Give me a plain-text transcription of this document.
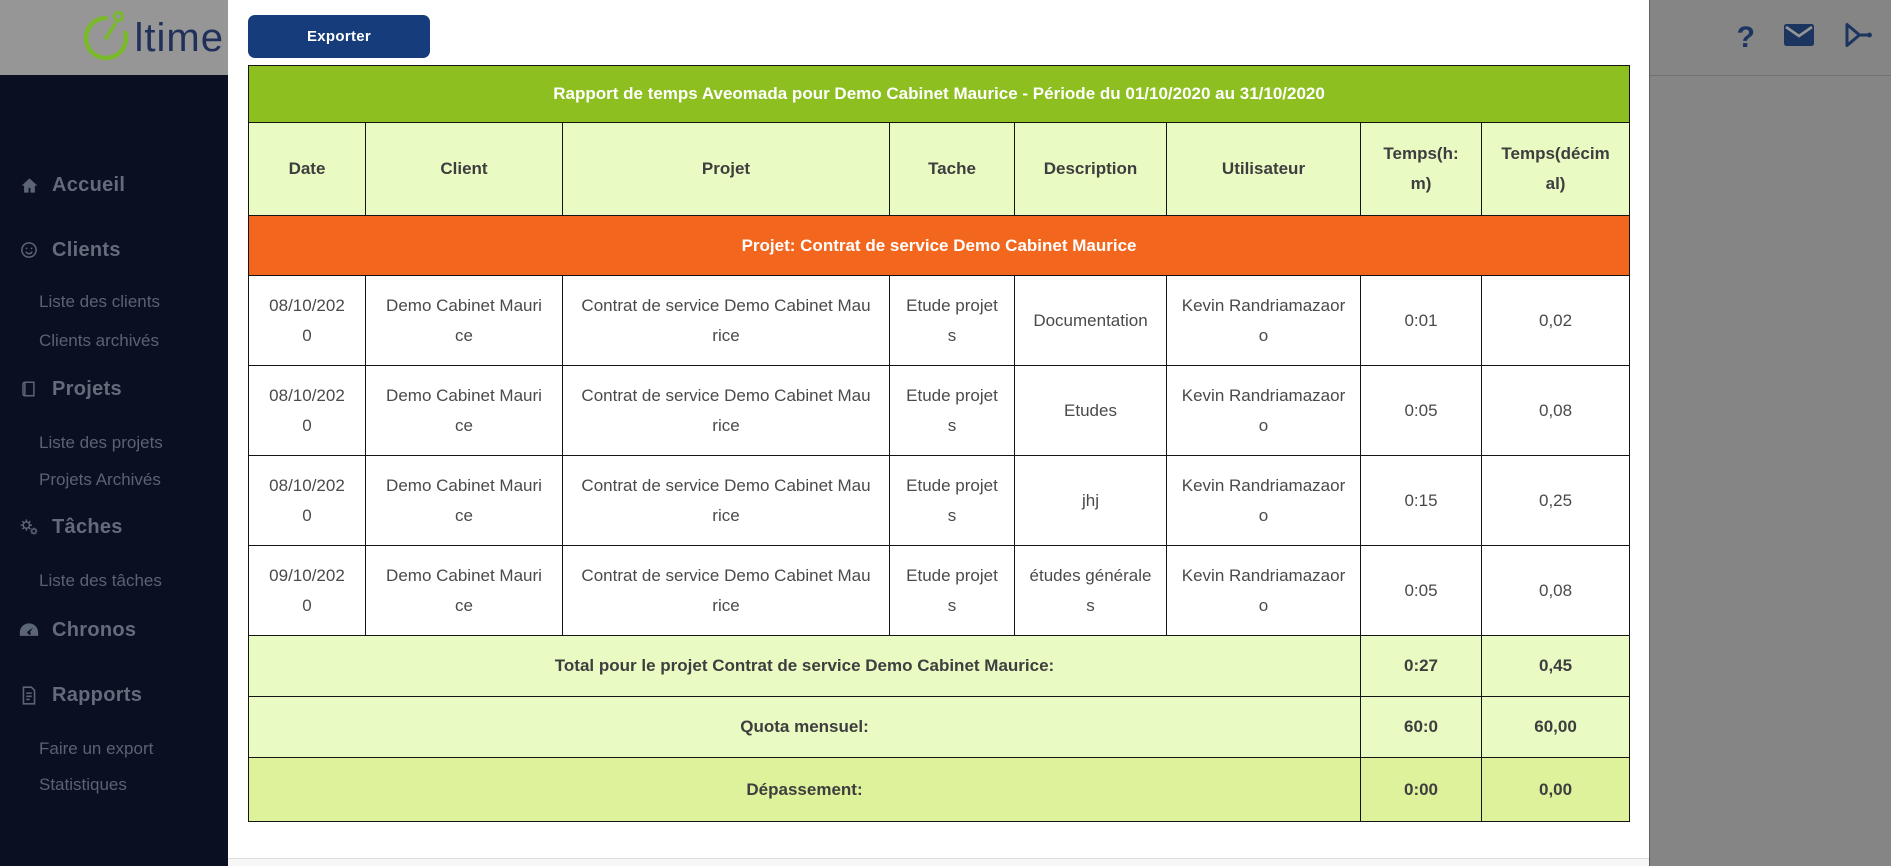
ltime
Accueil
Clients
Liste des clients
Clients archivés
Projets
Liste des projets
Projets Archivés
Tâches
Liste des tâches
Chronos
Rapports
Faire un export
Statistiques
?
Exporter
Rapport de temps Aveomada pour Demo Cabinet Maurice - Période du 01/10/2020 au 31/10/2020							
Date	Client	Projet	Tache	Description	Utilisateur	Temps(h:m)	Temps(décimal)
Projet: Contrat de service Demo Cabinet Maurice							
08/10/2020	Demo Cabinet Maurice	Contrat de service Demo Cabinet Maurice	Etude projets	Documentation	Kevin Randriamazaoro	0:01	0,02
08/10/2020	Demo Cabinet Maurice	Contrat de service Demo Cabinet Maurice	Etude projets	Etudes	Kevin Randriamazaoro	0:05	0,08
08/10/2020	Demo Cabinet Maurice	Contrat de service Demo Cabinet Maurice	Etude projets	jhj	Kevin Randriamazaoro	0:15	0,25
09/10/2020	Demo Cabinet Maurice	Contrat de service Demo Cabinet Maurice	Etude projets	études générales	Kevin Randriamazaoro	0:05	0,08
Total pour le projet Contrat de service Demo Cabinet Maurice:						0:27	0,45
Quota mensuel:						60:0	60,00
Dépassement:						0:00	0,00
